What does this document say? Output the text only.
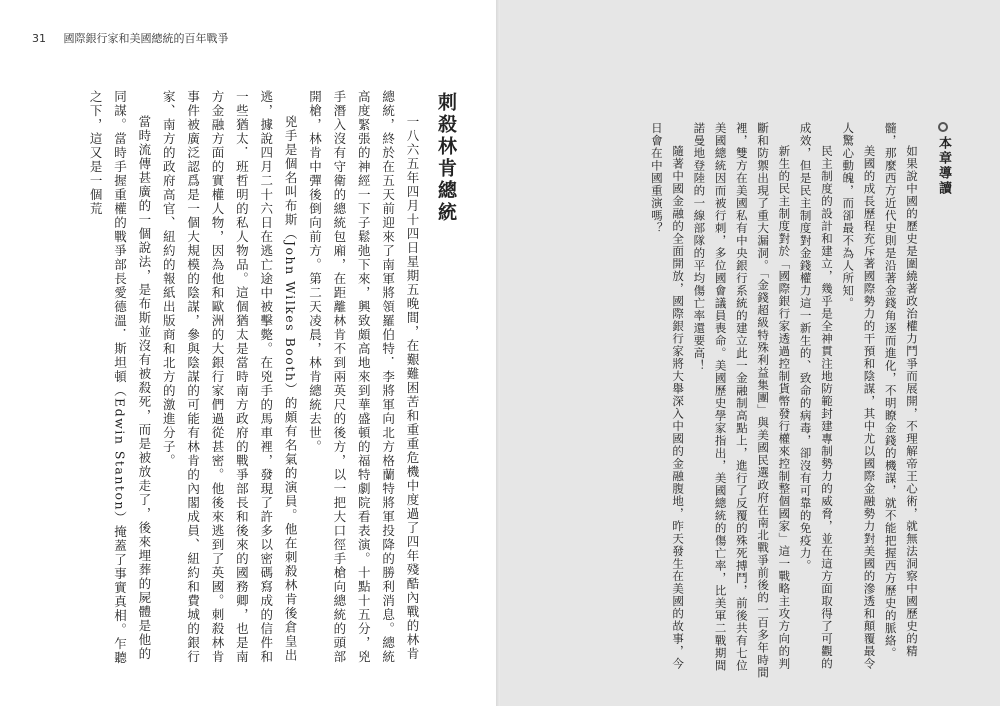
31 國際銀行家和美國總統的百年戰爭
刺殺林肯總統

一八六五年四月十四日星期五晚間，在艱難困苦和重重危機中度過了四年殘酷內戰的林肯總統，終於在五天前迎來了南軍將領羅伯特．李將軍向北方格蘭特將軍投降的勝利消息。總統高度緊張的神經一下子鬆弛下來，興致頗高地來到華盛頓的福特劇院看表演。十點十五分，兇手潛入沒有守衛的總統包廂，在距離林肯不到兩英尺的後方，以一把大口徑手槍向總統的頭部開槍，林肯中彈後倒向前方。第二天凌晨，林肯總統去世。

兇手是個名叫布斯（John Wilkes Booth）的頗有名氣的演員。他在刺殺林肯後倉皇出逃，據說四月二十六日在逃亡途中被擊斃。在兇手的馬車裡，發現了許多以密碼寫成的信件和一些猶太．班哲明的私人物品。這個猶太是當時南方政府的戰爭部長和後來的國務卿，也是南方金融方面的實權人物，因為他和歐洲的大銀行家們過從甚密。他後來逃到了英國。刺殺林肯事件被廣泛認爲是一個大規模的陰謀，參與陰謀的可能有林肯的內閣成員、紐約和費城的銀行家、南方的政府高官、紐約的報紙出版商和北方的激進分子。

當時流傳甚廣的一個說法，是布斯並沒有被殺死，而是被放走了，後來埋葬的屍體是他的同謀。當時手握重權的戰爭部長愛德溫．斯坦頓（Edwin Stanton）掩蓋了事實真相。乍聽之下，這又是一個荒	本章導讀

如果說中國的歷史是圍繞著政治權力鬥爭而展開，不理解帝王心術，就無法洞察中國歷史的精髓，那麼西方近代史則是沿著金錢角逐而進化，不明瞭金錢的機謀，就不能把握西方歷史的脈絡。

美國的成長歷程充斥著國際勢力的干預和陰謀，其中尤以國際金融勢力對美國的滲透和顛覆最令人驚心動魄，而卻最不為人所知。

民主制度的設計和建立，幾乎是全神貫注地防範封建專制勢力的威脅，並在這方面取得了可觀的成效，但是民主制度對金錢權力這一新生的、致命的病毒，卻沒有可靠的免疫力。

新生的民主制度對於「國際銀行家透過控制貨幣發行權來控制整個國家」這一戰略主攻方向的判斷和防禦出現了重大漏洞。「金錢超級特殊利益集團」與美國民選政府在南北戰爭前後的一百多年時間裡，雙方在美國私有中央銀行系統的建立此一金融制高點上，進行了反覆的殊死搏鬥，前後共有七位美國總統因而被行刺，多位國會議員喪命。美國歷史學家指出，美國總統的傷亡率，比美軍二戰期間諾曼地登陸的一線部隊的平均傷亡率還要高！

隨著中國金融的全面開放，國際銀行家將大舉深入中國的金融腹地，昨天發生在美國的故事，今日會在中國重演嗎？
